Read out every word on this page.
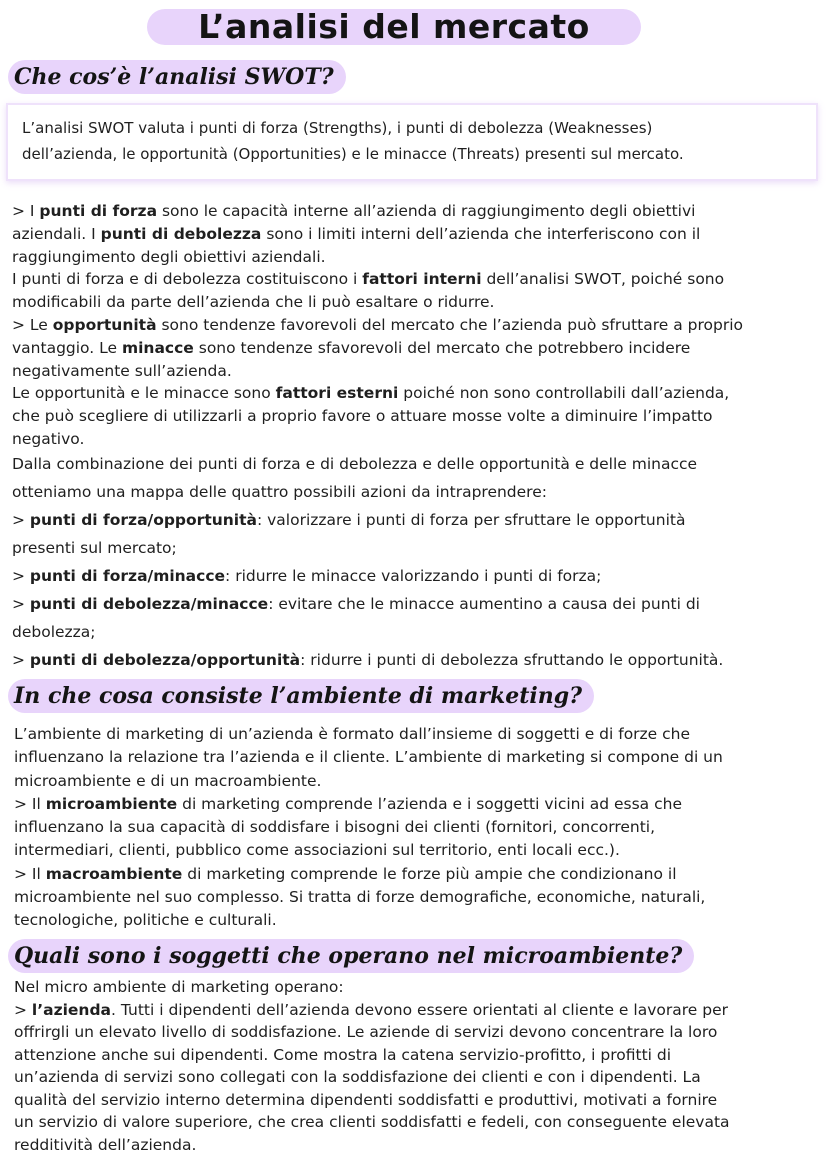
L’analisi del mercato
Che cos’è l’analisi SWOT?
L’analisi SWOT valuta i punti di forza (Strengths), i punti di debolezza (Weaknesses)
dell’azienda, le opportunità (Opportunities) e le minacce (Threats) presenti sul mercato.
> I punti di forza sono le capacità interne all’azienda di raggiungimento degli obiettivi
aziendali. I punti di debolezza sono i limiti interni dell’azienda che interferiscono con il
raggiungimento degli obiettivi aziendali.
I punti di forza e di debolezza costituiscono i fattori interni dell’analisi SWOT, poiché sono
modificabili da parte dell’azienda che li può esaltare o ridurre.
> Le opportunità sono tendenze favorevoli del mercato che l’azienda può sfruttare a proprio
vantaggio. Le minacce sono tendenze sfavorevoli del mercato che potrebbero incidere
negativamente sull’azienda.
Le opportunità e le minacce sono fattori esterni poiché non sono controllabili dall’azienda,
che può scegliere di utilizzarli a proprio favore o attuare mosse volte a diminuire l’impatto
negativo.
Dalla combinazione dei punti di forza e di debolezza e delle opportunità e delle minacce
otteniamo una mappa delle quattro possibili azioni da intraprendere:
> punti di forza/opportunità: valorizzare i punti di forza per sfruttare le opportunità
presenti sul mercato;
> punti di forza/minacce: ridurre le minacce valorizzando i punti di forza;
> punti di debolezza/minacce: evitare che le minacce aumentino a causa dei punti di
debolezza;
> punti di debolezza/opportunità: ridurre i punti di debolezza sfruttando le opportunità.
In che cosa consiste l’ambiente di marketing?
L’ambiente di marketing di un’azienda è formato dall’insieme di soggetti e di forze che
influenzano la relazione tra l’azienda e il cliente. L’ambiente di marketing si compone di un
microambiente e di un macroambiente.
> Il microambiente di marketing comprende l’azienda e i soggetti vicini ad essa che
influenzano la sua capacità di soddisfare i bisogni dei clienti (fornitori, concorrenti,
intermediari, clienti, pubblico come associazioni sul territorio, enti locali ecc.).
> Il macroambiente di marketing comprende le forze più ampie che condizionano il
microambiente nel suo complesso. Si tratta di forze demografiche, economiche, naturali,
tecnologiche, politiche e culturali.
Quali sono i soggetti che operano nel microambiente?
Nel micro ambiente di marketing operano:
> l’azienda. Tutti i dipendenti dell’azienda devono essere orientati al cliente e lavorare per
offrirgli un elevato livello di soddisfazione. Le aziende di servizi devono concentrare la loro
attenzione anche sui dipendenti. Come mostra la catena servizio-profitto, i profitti di
un’azienda di servizi sono collegati con la soddisfazione dei clienti e con i dipendenti. La
qualità del servizio interno determina dipendenti soddisfatti e produttivi, motivati a fornire
un servizio di valore superiore, che crea clienti soddisfatti e fedeli, con conseguente elevata
redditività dell’azienda.
